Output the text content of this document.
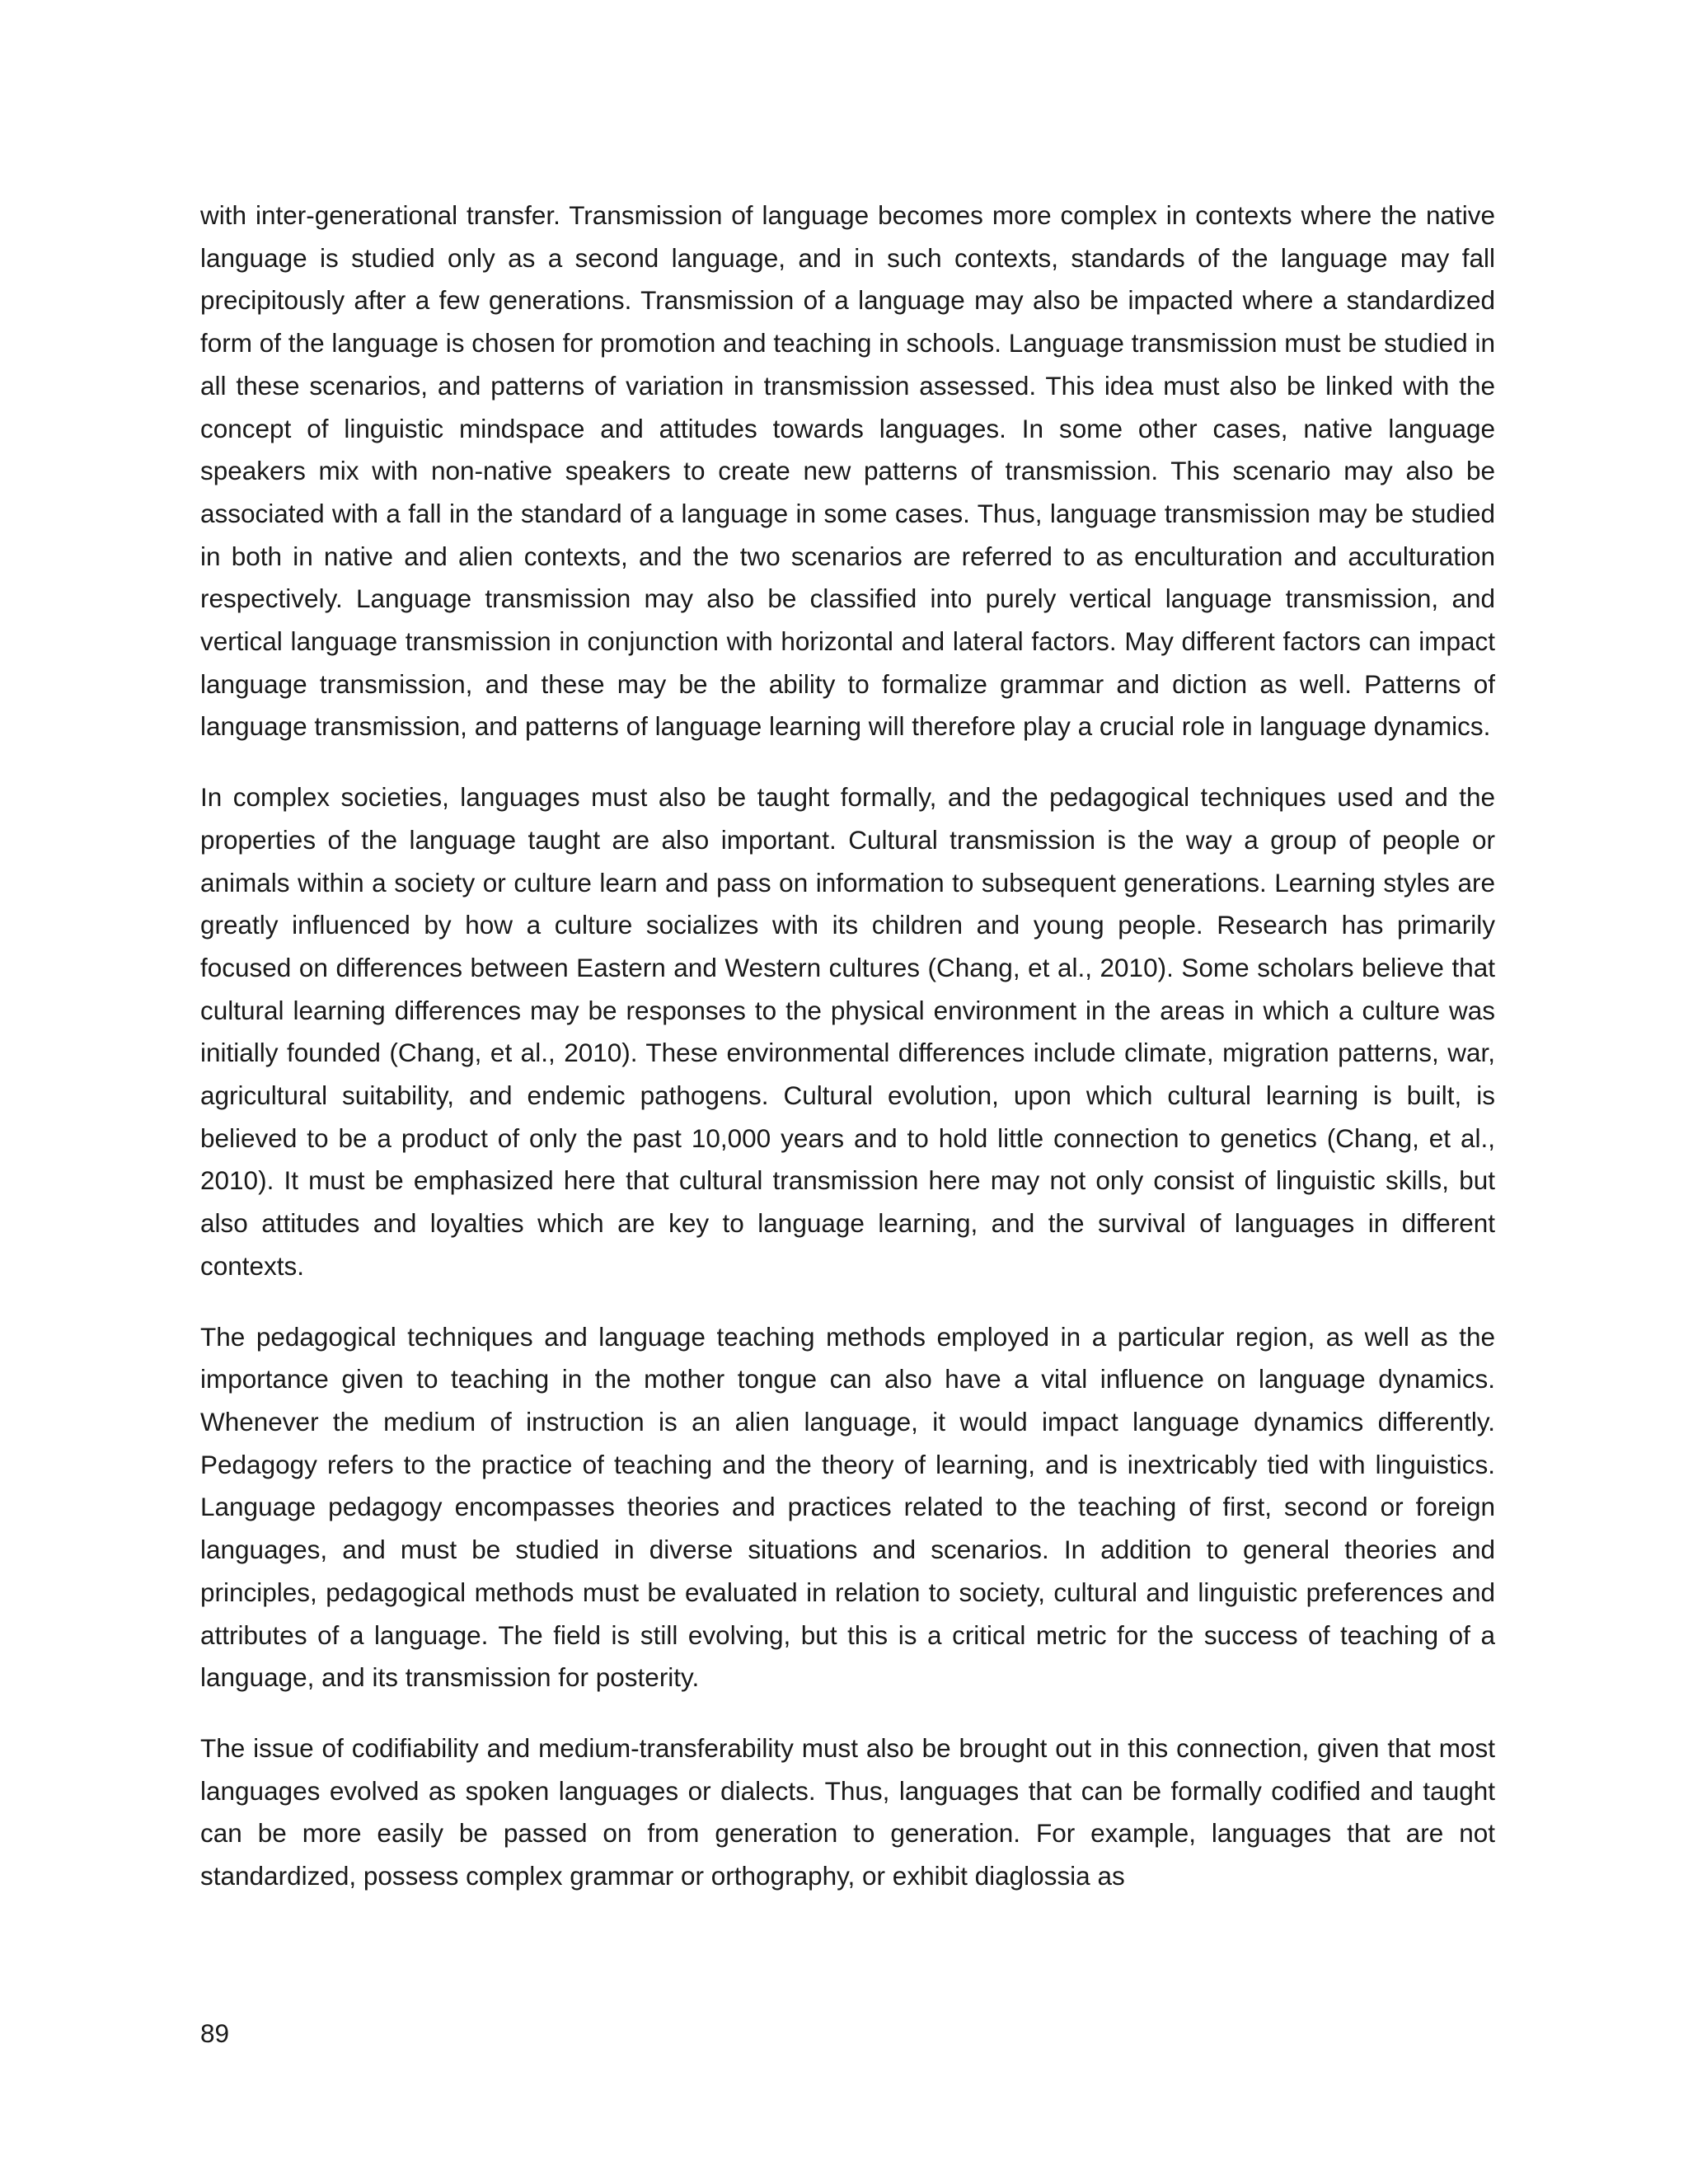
with inter-generational transfer. Transmission of language becomes more complex in contexts where the native language is studied only as a second language, and in such contexts, standards of the language may fall precipitously after a few generations. Transmission of a language may also be impacted where a standardized form of the language is chosen for promotion and teaching in schools. Language transmission must be studied in all these scenarios, and patterns of variation in transmission assessed. This idea must also be linked with the concept of linguistic mindspace and attitudes towards languages. In some other cases, native language speakers mix with non-native speakers to create new patterns of transmission. This scenario may also be associated with a fall in the standard of a language in some cases. Thus, language transmission may be studied in both in native and alien contexts, and the two scenarios are referred to as enculturation and acculturation respectively. Language transmission may also be classified into purely vertical language transmission, and vertical language transmission in conjunction with horizontal and lateral factors. May different factors can impact language transmission, and these may be the ability to formalize grammar and diction as well. Patterns of language transmission, and patterns of language learning will therefore play a crucial role in language dynamics.

In complex societies, languages must also be taught formally, and the pedagogical techniques used and the properties of the language taught are also important. Cultural transmission is the way a group of people or animals within a society or culture learn and pass on information to subsequent generations. Learning styles are greatly influenced by how a culture socializes with its children and young people. Research has primarily focused on differences between Eastern and Western cultures (Chang, et al., 2010). Some scholars believe that cultural learning differences may be responses to the physical environment in the areas in which a culture was initially founded (Chang, et al., 2010). These environmental differences include climate, migration patterns, war, agricultural suitability, and endemic pathogens. Cultural evolution, upon which cultural learning is built, is believed to be a product of only the past 10,000 years and to hold little connection to genetics (Chang, et al., 2010). It must be emphasized here that cultural transmission here may not only consist of linguistic skills, but also attitudes and loyalties which are key to language learning, and the survival of languages in different contexts.

The pedagogical techniques and language teaching methods employed in a particular region, as well as the importance given to teaching in the mother tongue can also have a vital influence on language dynamics. Whenever the medium of instruction is an alien language, it would impact language dynamics differently. Pedagogy refers to the practice of teaching and the theory of learning, and is inextricably tied with linguistics. Language pedagogy encompasses theories and practices related to the teaching of first, second or foreign languages, and must be studied in diverse situations and scenarios. In addition to general theories and principles, pedagogical methods must be evaluated in relation to society, cultural and linguistic preferences and attributes of a language. The field is still evolving, but this is a critical metric for the success of teaching of a language, and its transmission for posterity.

The issue of codifiability and medium-transferability must also be brought out in this connection, given that most languages evolved as spoken languages or dialects. Thus, languages that can be formally codified and taught can be more easily be passed on from generation to generation. For example, languages that are not standardized, possess complex grammar or orthography, or exhibit diaglossia as

89
